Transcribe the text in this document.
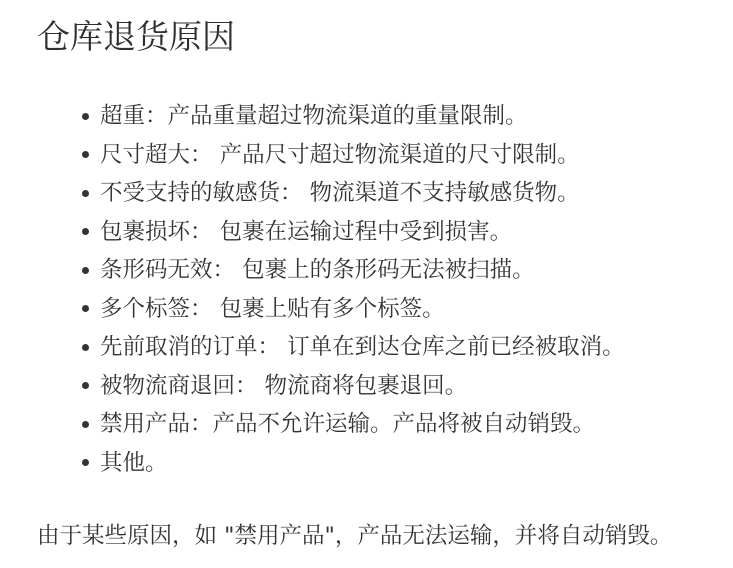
仓库退货原因
超重：产品重量超过物流渠道的重量限制。
尺寸超大： 产品尺寸超过物流渠道的尺寸限制。
不受支持的敏感货： 物流渠道不支持敏感货物。
包裹损坏： 包裹在运输过程中受到损害。
条形码无效： 包裹上的条形码无法被扫描。
多个标签： 包裹上贴有多个标签。
先前取消的订单： 订单在到达仓库之前已经被取消。
被物流商退回： 物流商将包裹退回。
禁用产品：产品不允许运输。产品将被自动销毁。
其他。

由于某些原因，如 "禁用产品"，产品无法运输，并将自动销毁。
